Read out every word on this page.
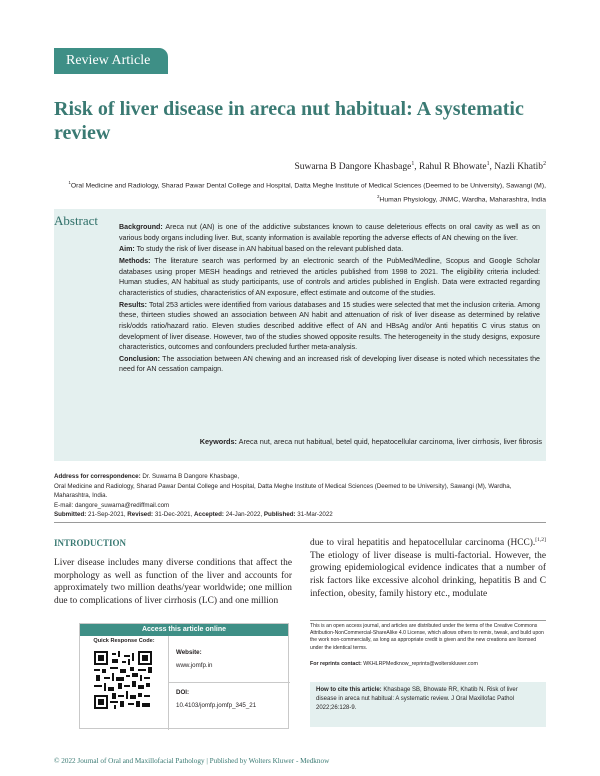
Review Article
Risk of liver disease in areca nut habitual: A systematic review
Suwarna B Dangore Khasbage$^1$, Rahul R Bhowate$^1$, Nazli Khatib$^2$
$^1$Oral Medicine and Radiology, Sharad Pawar Dental College and Hospital, Datta Meghe Institute of Medical Sciences (Deemed to be University), Sawangi (M), $^2$Human Physiology, JNMC, Wardha, Maharashtra, India
Abstract	Background: Areca nut (AN) is one of the addictive substances known to cause deleterious effects on oral cavity as well as on various body organs including liver. But, scanty information is available reporting the adverse effects of AN chewing on the liver.

Aim: To study the risk of liver disease in AN habitual based on the relevant published data.

Methods: The literature search was performed by an electronic search of the PubMed/Medline, Scopus and Google Scholar databases using proper MESH headings and retrieved the articles published from 1998 to 2021. The eligibility criteria included: Human studies, AN habitual as study participants, use of controls and articles published in English. Data were extracted regarding characteristics of studies, characteristics of AN exposure, effect estimate and outcome of the studies.

Results: Total 253 articles were identified from various databases and 15 studies were selected that met the inclusion criteria. Among these, thirteen studies showed an association between AN habit and attenuation of risk of liver disease as determined by relative risk/odds ratio/hazard ratio. Eleven studies described additive effect of AN and HBsAg and/or Anti hepatitis C virus status on development of liver disease. However, two of the studies showed opposite results. The heterogeneity in the study designs, exposure characteristics, outcomes and confounders precluded further meta-analysis.

Conclusion: The association between AN chewing and an increased risk of developing liver disease is noted which necessitates the need for AN cessation campaign.

Keywords: Areca nut, areca nut habitual, betel quid, hepatocellular carcinoma, liver cirrhosis, liver fibrosis
Address for correspondence: Dr. Suwarna B Dangore Khasbage,
Oral Medicine and Radiology, Sharad Pawar Dental College and Hospital, Datta Meghe Institute of Medical Sciences (Deemed to be University), Sawangi (M), Wardha, Maharashtra, India.
E-mail: dangore_suwarna@rediffmail.com
Submitted: 21-Sep-2021, Revised: 31-Dec-2021, Accepted: 24-Jan-2022, Published: 31-Mar-2022
INTRODUCTION
Liver disease includes many diverse conditions that affect the morphology as well as function of the liver and accounts for approximately two million deaths/year worldwide; one million due to complications of liver cirrhosis (LC) and one million
due to viral hepatitis and hepatocellular carcinoma (HCC).[1,2] The etiology of liver disease is multi-factorial. However, the growing epidemiological evidence indicates that a number of risk factors like excessive alcohol drinking, hepatitis B and C infection, obesity, family history etc., modulate
Access this article online
Quick Response Code:
Website:
www.jomfp.in
DOI:
10.4103/jomfp.jomfp_345_21
This is an open access journal, and articles are distributed under the terms of the Creative Commons Attribution-NonCommercial-ShareAlike 4.0 License, which allows others to remix, tweak, and build upon the work non-commercially, as long as appropriate credit is given and the new creations are licensed under the identical terms.
For reprints contact: WKHLRPMedknow_reprints@wolterskluwer.com
How to cite this article: Khasbage SB, Bhowate RR, Khatib N. Risk of liver disease in areca nut habitual: A systematic review. J Oral Maxillofac Pathol 2022;26:128-9.
© 2022 Journal of Oral and Maxillofacial Pathology | Published by Wolters Kluwer - Medknow
